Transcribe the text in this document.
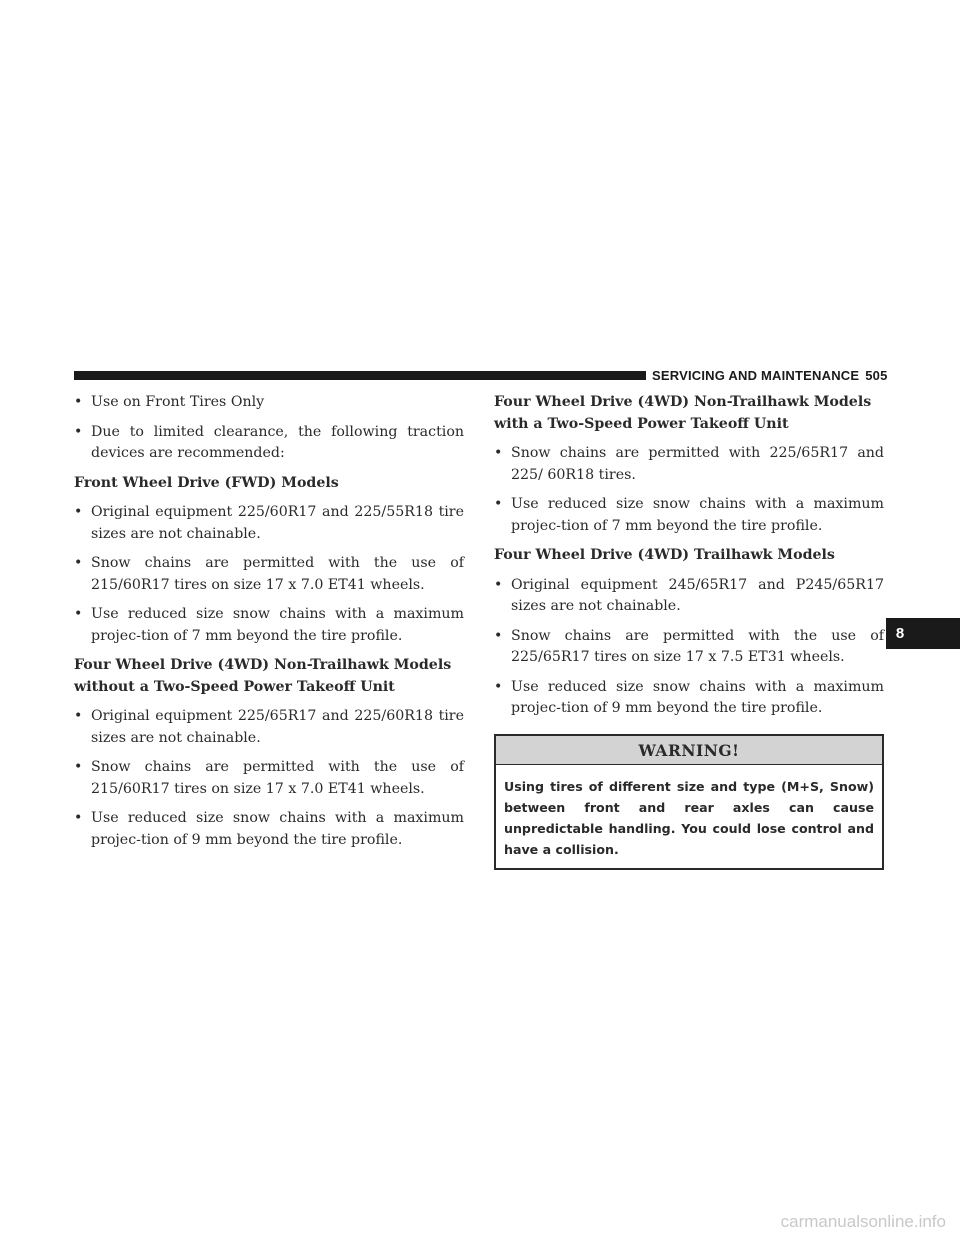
SERVICING AND MAINTENANCE 505
• Use on Front Tires Only
• Due to limited clearance, the following traction devices are recommended:
Front Wheel Drive (FWD) Models
• Original equipment 225/60R17 and 225/55R18 tire sizes are not chainable.
• Snow chains are permitted with the use of 215/60R17 tires on size 17 x 7.0 ET41 wheels.
• Use reduced size snow chains with a maximum projec-tion of 7 mm beyond the tire profile.
Four Wheel Drive (4WD) Non-Trailhawk Models without a Two-Speed Power Takeoff Unit
• Original equipment 225/65R17 and 225/60R18 tire sizes are not chainable.
• Snow chains are permitted with the use of 215/60R17 tires on size 17 x 7.0 ET41 wheels.
• Use reduced size snow chains with a maximum projec-tion of 9 mm beyond the tire profile.
Four Wheel Drive (4WD) Non-Trailhawk Models with a Two-Speed Power Takeoff Unit
• Snow chains are permitted with 225/65R17 and 225/ 60R18 tires.
• Use reduced size snow chains with a maximum projec-tion of 7 mm beyond the tire profile.
Four Wheel Drive (4WD) Trailhawk Models
• Original equipment 245/65R17 and P245/65R17 sizes are not chainable.
• Snow chains are permitted with the use of 225/65R17 tires on size 17 x 7.5 ET31 wheels.
• Use reduced size snow chains with a maximum projec-tion of 9 mm beyond the tire profile.
WARNING!
Using tires of different size and type (M+S, Snow) between front and rear axles can cause unpredictable handling. You could lose control and have a collision.
8
carmanualsonline.info
